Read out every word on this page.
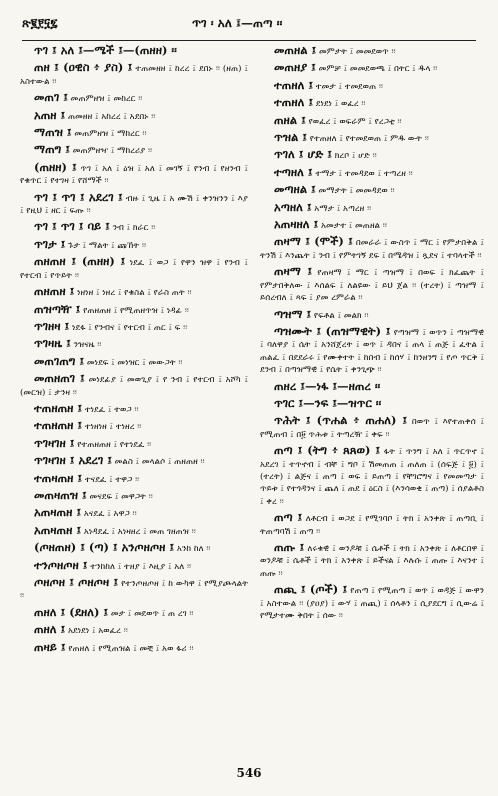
ጽ፪፻፶፯	ጥገ ፡ አለ ፤—ጠጣ ፡፡

ጥገ ፤ አለ ፤—ሜች ፤—(ጠዘዘ) ፡፡

ጠዘ ፤ (ዐዊስ ፥ ያስ) ፤ ተጠመዘዘ ፤ ከረረ ፤ ደበኑ ፡፡ (ዘጠ) ፤ አስተውል ፡፡

መጠገ ፤ መጠምዘዝ ፤ መከረር ፡፡

አጠዘ ፤ ጠመዘዘ ፤ አከረረ ፤ አደበኑ ፡፡

ማጠዝ ፤ መጠምዘዝ ፤ ማከረር ፡፡

ማጠግ ፤ መጠምዘዣ ፤ ማከረሪያ ፡፡

(ጠዘዘ) ፤ ጥገ ፤ አለ ፤ ዕዝ ፤ አለ ፤ መገኝ ፤ የንብ ፤ የዘንብ ፤ የቁጥር ፤ የተገዛ ፤ የሸማች ፡፡

ጥገ ፤ ጥገ ፤ አደረገ ፤ ብዙ ፤ ጊዜ ፤ አ ሙሽ ፤ ቀንዝንን ፤ እያ ፤ የዚህ ፤ ዘር ፤ ፍጡ ፡፡

ጥገ ፤ ጥገ ፤ ባይ ፤ ንብ ፤ ክራር ፡፡

ጥገታ ፤ ጉታ ፤ ማልት ፤ ጩኸት ፡፡

ጠዘጠዘ ፤ (ጠዘዘ) ፤ ነደፈ ፤ ወጋ ፤ የዋን ዝዋ ፤ የንብ ፤ የተርብ ፤ የጥይት ፡፡

ጠዘጠዘ ፤ ነዘነዘ ፤ ነዘረ ፤ የቁስል ፤ የራስ ጠት ፡፡

ጠዝጣዥ ፤ የጠዘጠዘ ፤ የሚጠዘጥዝ ፤ ነዳፊ ፡፡

ጥገዘዛ ፤ ነደፋ ፤ የንብና ፤ የተርብ ፤ ጠር ፤ ፍ ፡፡

ጥገዛዜ ፤ ንዝናዜ ፡፡

መጠገጠግ ፤ መነደፍ ፤ መነዝር ፤ መውጋት ፡፡

መጠዘጠገ ፤ መነደፊያ ፤ መወጊያ ፤ የ ንብ ፤ የተርብ ፤ አሾካ ፤ (መርዝ) ፤ ታንዛ ፡፡

ተጠዘጠዘ ፤ ተነደፈ ፤ ተወጋ ፡፡

ተጠዘጠዘ ፤ ተነዘነዘ ፤ ተነዘረ ፡፡

ጥገዛገዘ ፤ የተጠዘጠዘ ፤ የተነደፈ ፡፡

ጥገዛገዘ ፤ አደረገ ፤ መልስ ፤ መላልሶ ፤ ጠዘጠዘ ፡፡

ተጠዛጠዘ ፤ ተናደፈ ፤ ተዋጋ ፡፡

መጠዛጠዝ ፤ መናደፍ ፤ መዋጋት ፡፡

አጠዛጠዘ ፤ አናደፈ ፤ አዋጋ ፡፡

አጠዛጠዘ ፤ አነዳደፈ ፤ አነዛዘረ ፤ መጠ ገዘጠዝ ፡፡

(ጦዘጠዘ) ፤ (ጣ) ፤ አንጦዘጦዘ ፤ አንከ ከለ ፡፡

ተንጦዘጦዘ ፤ ተንከከለ ፤ ተዘያ ፤ እዚያ ፤ አለ ፡፡

ጦዘጦዘ ፤ ጦዘጦዛ ፤ የተንጦዘጦዘ ፤ ከ ውካዋ ፤ የሚያጮላልት ፡፡

ጠዘለ ፤ (ደዘለ) ፤ መታ ፤ መደወጥ ፤ ጠ ረገ ፡፡

ጠዘለ ፤ አደነደነ ፤ አወፈረ ፡፡

ጠዛይ ፤ የጠዘለ ፤ የሚጠዝል ፤ መቺ ፤ አወ ፋሪ ፡፡

መጠዘል ፤ መምታት ፤ መመደወጥ ፡፡

መጠዘያ ፤ መምቻ ፤ መመደወጫ ፤ በትር ፤ ዱላ ፡፡

ተጠዘለ ፤ ተመታ ፤ ተመደወጠ ፡፡

ተጠዘለ ፤ ደነደነ ፤ ወፈረ ፡፡

ጠዘል ፤ የወፈረ ፤ ወፍራም ፤ የረጋቲ ፡፡

ጥዝል ፤ የተጠዘለ ፤ የተመደወጠ ፤ ምዱ ውት ፡፡

ጥገለ ፤ ሆድ ፤ ክረቦ ፤ ሆድ ፡፡

ተጣዘለ ፤ ተማታ ፤ ተመዳደወ ፤ ተጣረዘ ፡፡

መጣዘል ፤ መማታት ፤ መመዳደወ ፡፡

አጣዘለ ፤ አማታ ፤ አጣረዘ ፡፡

አጠዛዘለ ፤ አመታተ ፤ መጠዘል ፡፡

ጠዛማ ፤ (ሞች) ፤ በመራራ ፤ ውስጥ ፤ ማር ፤ የምታበቅል ፤ ትንሽ ፤ እንጨት ፤ ንብ ፤ የምትገኝ ደፍ ፤ በሜዳዝ ፤ ጿደና ፤ ተባላተች ፡፡

ጠዛማ ፤ የጠዛማ ፤ ማር ፤ ጣዝማ ፤ በወፍ ፤ ክፈጨት ፤ የምታበቅለው ፤ እሰልፍ ፤ ለልዩው ፤ ይህ ጀል ፡፡ (ተረት) ፤ ጣዝማ ፤ ይሰረብለ ፤ ጻፍ ፤ ያመ ረምራል ፡፡

ጣዝማ ፤ የፍቶል ፤ መልክ ፡፡

ጣዝሙት ፤ (ጠዝማዊት) ፤ የጣዝማ ፤ ወጥን ፤ ጣዝማዊ ፤ ባለዋያ ፤ ሴት ፤ አንሸጀረት ፤ ወጥ ፤ ዳበና ፤ ጠላ ፤ ጠጅ ፤ ፈትል ፤ ጠልፈ ፤ በደደራሩ ፤ የሙቀተት ፤ ከበብ ፤ ከሰሃ ፤ ከንዘንግ ፤ የጦ ጥርቅ ፤ ደንብ ፤ በጣዝማዊ ፤ የሴት ፤ ቀንጊጭ ፡፡

ጠዘረ ፤—ነፋ ፤—ዘጠረ ፡፡

ጥገር ፤—ንፍ ፤—ዝጥር ፡፡

ጥሕት ፤ (ጥሐል ፥ ጠሐለ) ፤ በወጥ ፤ እየተጠቀሰ ፤ የሚጠብ ፤ በ፱ ጥሕቱ ፤ ትጣረዥ ፤ ቀፍ ፡፡

ጠጣ ፤ (ትግ ፥ ጸጸወ) ፤ ፋት ፤ ጥንግ ፤ አለ ፤ ጥርጥኖ ፤ አደረገ ፤ ተጥኖብ ፤ ብቸ ፤ ግቦ ፤ ሽመጠጠ ፤ ጠለጠ ፤ (ሰፍጅ ፤ ፱) ፤ (ተረት) ፤ ልጅና ፤ ጠጣ ፤ ወፍ ፤ ይጠጣ ፤ የቸገሮግና ፤ የመመጣታ ፤ ጥይቱ ፤ የተጎዳንና ፤ ጨለ ፤ ጠደ ፤ ዕርስ ፤ (እንሳወቂ ፤ ጠጣ) ፤ ሰያልቶስ ፤ ቀረ ፡፡

ጠጣ ፤ ለቶርብ ፤ ወጋደ ፤ የሚገባቦ ፤ ትክ ፤ አንቀጽ ፤ ጠጣቢ ፤ ትጠጣባሽ ፤ ጠጣ ፡፡

ጠጡ ፤ ለሩቁዊ ፤ ወንዶቹ ፤ ሴቶች ፤ ትክ ፤ አንቀጽ ፤ ለቶርበዋ ፤ ወንዶቹ ፤ ሴቶች ፤ ትክ ፤ አንቀጽ ፤ ይችናል ፤ እሉሱ ፤ ጠጡ ፤ እናንተ ፤ ጠጡ ፡፡

ጠጪ ፤ (ጦች) ፤ የጠጣ ፤ የሚጠጣ ፤ ወጥ ፤ ወዳጅ ፤ ውዋን ፤ አስተውል ፡፡ (ያዐያ) ፤ ውሃ ፤ ጠጪ) ፤ ሰላቶን ፤ ሲያደርግ ፤ ሲውሬ ፤ የሚታተሙ ቅበት ፤ ሰው ፡፡

546
